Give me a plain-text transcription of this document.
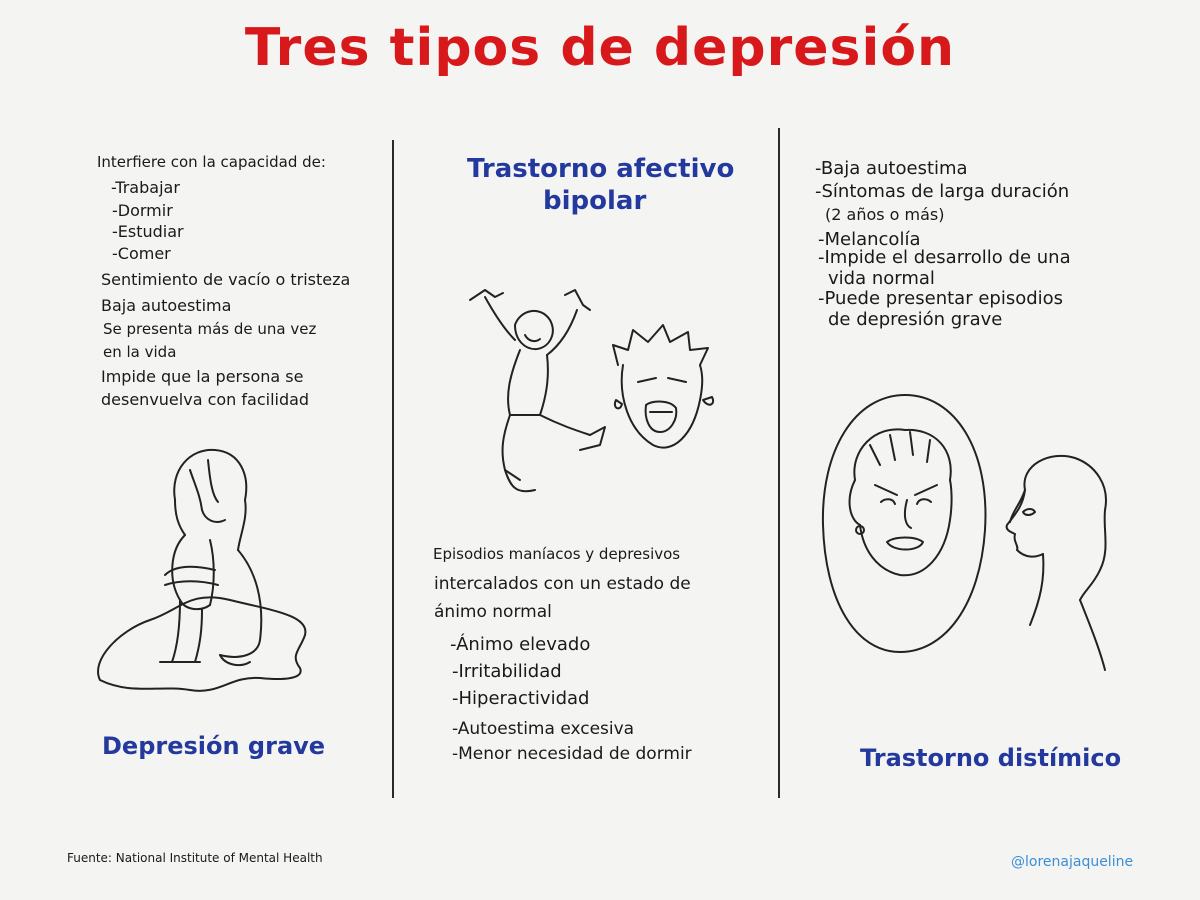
Tres tipos de depresión
Interfiere con la capacidad de:
-Trabajar
-Dormir
-Estudiar
-Comer
Sentimiento de vacío o tristeza
Baja autoestima
Se presenta más de una vez
en la vida
Impide que la persona se
desenvuelva con facilidad
Depresión grave
Trastorno afectivo
bipolar
Episodios maníacos y depresivos
intercalados con un estado de
ánimo normal
-Ánimo elevado
-Irritabilidad
-Hiperactividad
-Autoestima excesiva
-Menor necesidad de dormir
-Baja autoestima
-Síntomas de larga duración
(2 años o más)
-Melancolía
-Impide el desarrollo de una
vida normal
-Puede presentar episodios
de depresión grave
Trastorno distímico
Fuente: National Institute of Mental Health	@lorenajaqueline
